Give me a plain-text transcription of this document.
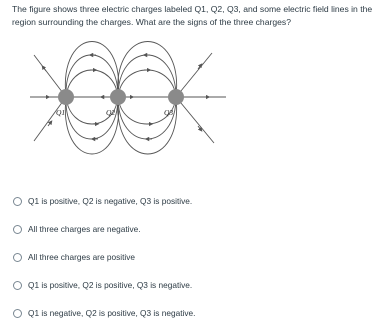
The figure shows three electric charges labeled Q1, Q2, Q3, and some electric field lines in the region surrounding the charges. What are the signs of the three charges?
Q1	Q2	Q3
Q1 is positive, Q2 is negative, Q3 is positive.
All three charges are negative.
All three charges are positive
Q1 is positive, Q2 is positive, Q3 is negative.
Q1 is negative, Q2 is positive, Q3 is negative.
